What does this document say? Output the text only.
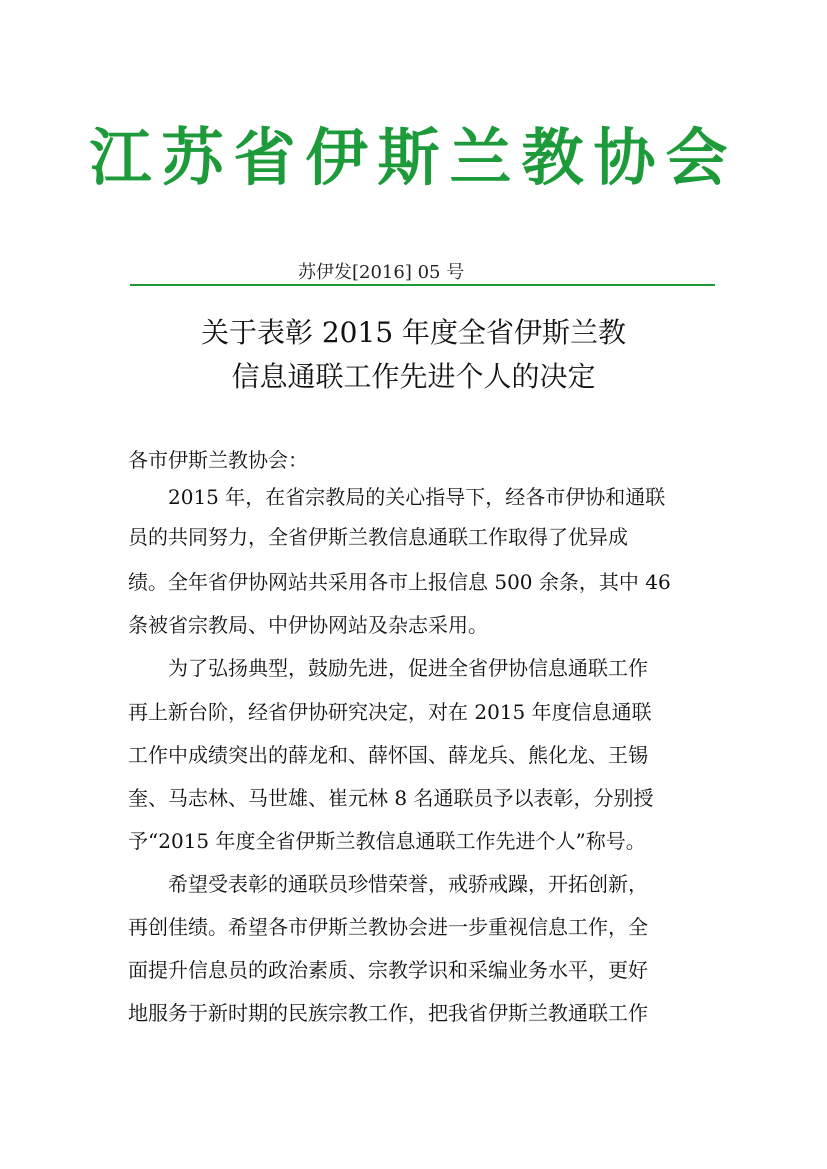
江苏省伊斯兰教协会
苏伊发[2016] 05 号
关于表彰 2015 年度全省伊斯兰教
信息通联工作先进个人的决定
各市伊斯兰教协会：
　　2015 年，在省宗教局的关心指导下，经各市伊协和通联
员的共同努力，全省伊斯兰教信息通联工作取得了优异成
绩。全年省伊协网站共采用各市上报信息 500 余条，其中 46
条被省宗教局、中伊协网站及杂志采用。
　　为了弘扬典型，鼓励先进，促进全省伊协信息通联工作
再上新台阶，经省伊协研究决定，对在 2015 年度信息通联
工作中成绩突出的薛龙和、薛怀国、薛龙兵、熊化龙、王锡
奎、马志林、马世雄、崔元林 8 名通联员予以表彰，分别授
予“2015 年度全省伊斯兰教信息通联工作先进个人”称号。
　　希望受表彰的通联员珍惜荣誉，戒骄戒躁，开拓创新，
再创佳绩。希望各市伊斯兰教协会进一步重视信息工作，全
面提升信息员的政治素质、宗教学识和采编业务水平，更好
地服务于新时期的民族宗教工作，把我省伊斯兰教通联工作
